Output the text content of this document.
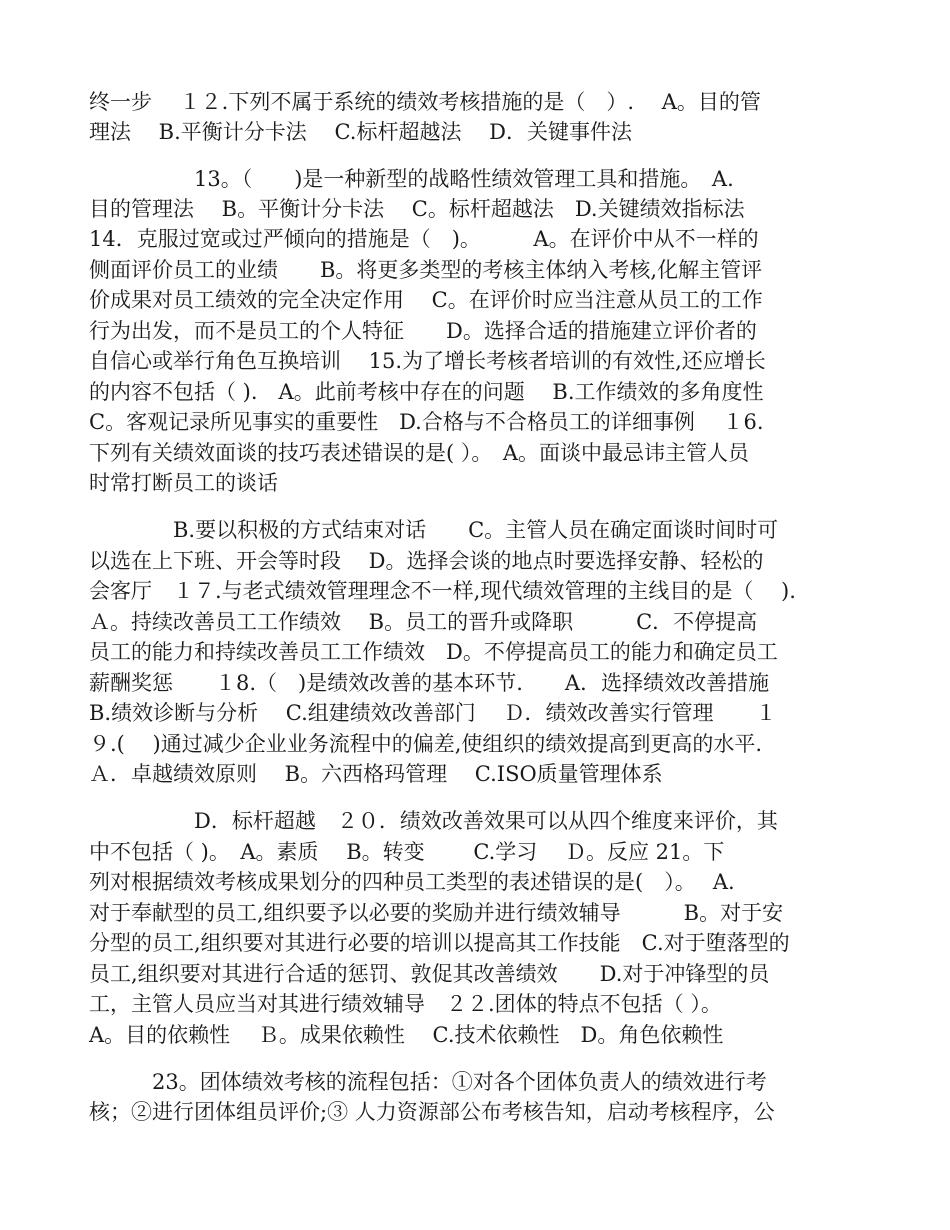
终一步　 １２.下列不属于系统的绩效考核措施的是（　）.　 A。目的管
理法　 B.平衡计分卡法　 C.标杆超越法　 D．关键事件法
　　　　　13。（　　)是一种新型的战略性绩效管理工具和措施。　A.
目的管理法　 B。平衡计分卡法　 C。标杆超越法　D.关键绩效指标法
14．克服过宽或过严倾向的措施是（　)。　　　A。在评价中从不一样的
侧面评价员工的业绩　　B。将更多类型的考核主体纳入考核,化解主管评
价成果对员工绩效的完全决定作用　 C。在评价时应当注意从员工的工作
行为出发，而不是员工的个人特征　　D。选择合适的措施建立评价者的
自信心或举行角色互换培训　 15.为了增长考核者培训的有效性,还应增长
的内容不包括（ ).　A。此前考核中存在的问题　 B.工作绩效的多角度性
C。客观记录所见事实的重要性　D.合格与不合格员工的详细事例　 １6.
下列有关绩效面谈的技巧表述错误的是( ）。　A。面谈中最忌讳主管人员
时常打断员工的谈话
　　　　B.要以积极的方式结束对话　　C。主管人员在确定面谈时间时可
以选在上下班、开会等时段　 D。选择会谈的地点时要选择安静、轻松的
会客厅　１７.与老式绩效管理理念不一样,现代绩效管理的主线目的是（　 ).
Ａ。持续改善员工工作绩效　 B。员工的晋升或降职　　　C．不停提高
员工的能力和持续改善员工工作绩效　D。不停提高员工的能力和确定员工
薪酬奖惩　　１8.（　)是绩效改善的基本环节.　　A．选择绩效改善措施
B.绩效诊断与分析　 C.组建绩效改善部门　 Ｄ．绩效改善实行管理　　１
９.(　 )通过减少企业业务流程中的偏差,使组织的绩效提高到更高的水平.
Ａ．卓越绩效原则　 B。六西格玛管理　 C.ISO质量管理体系
　　　　　D．标杆超越　２０．绩效改善效果可以从四个维度来评价，其
中不包括（ )。　A。素质　 B。转变　　 C.学习　 Ｄ。反应 21。下
列对根据绩效考核成果划分的四种员工类型的表述错误的是(　）。　 A.
对于奉献型的员工,组织要予以必要的奖励并进行绩效辅导　　　B。对于安
分型的员工,组织要对其进行必要的培训以提高其工作技能　C.对于堕落型的
员工,组织要对其进行合适的惩罚、敦促其改善绩效　　D.对于冲锋型的员
工，主管人员应当对其进行绩效辅导　２２.团体的特点不包括（ ）。
A。目的依赖性　 Ｂ。成果依赖性　 C.技术依赖性　D。角色依赖性
　　　23。团体绩效考核的流程包括：①对各个团体负责人的绩效进行考
核；②进行团体组员评价;③ 人力资源部公布考核告知，启动考核程序，公
